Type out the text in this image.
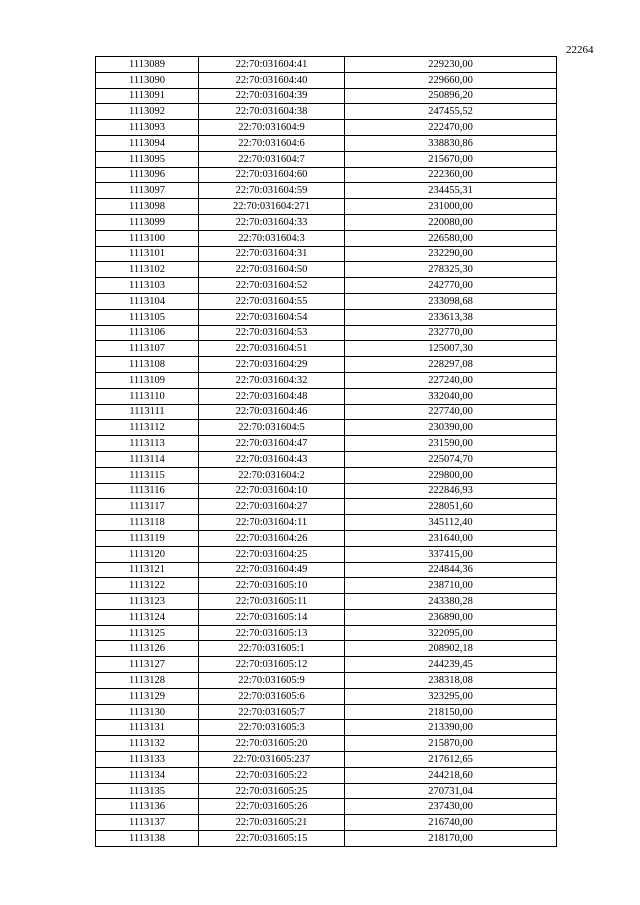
22264
1113089	22:70:031604:41	229230,00
1113090	22:70:031604:40	229660,00
1113091	22:70:031604:39	250896,20
1113092	22:70:031604:38	247455,52
1113093	22:70:031604:9	222470,00
1113094	22:70:031604:6	338830,86
1113095	22:70:031604:7	215670,00
1113096	22:70:031604:60	222360,00
1113097	22:70:031604:59	234455,31
1113098	22:70:031604:271	231000,00
1113099	22:70:031604:33	220080,00
1113100	22:70:031604:3	226580,00
1113101	22:70:031604:31	232290,00
1113102	22:70:031604:50	278325,30
1113103	22:70:031604:52	242770,00
1113104	22:70:031604:55	233098,68
1113105	22:70:031604:54	233613,38
1113106	22:70:031604:53	232770,00
1113107	22:70:031604:51	125007,30
1113108	22:70:031604:29	228297,08
1113109	22:70:031604:32	227240,00
1113110	22:70:031604:48	332040,00
1113111	22:70:031604:46	227740,00
1113112	22:70:031604:5	230390,00
1113113	22:70:031604:47	231590,00
1113114	22:70:031604:43	225074,70
1113115	22:70:031604:2	229800,00
1113116	22:70:031604:10	222846,93
1113117	22:70:031604:27	228051,60
1113118	22:70:031604:11	345112,40
1113119	22:70:031604:26	231640,00
1113120	22:70:031604:25	337415,00
1113121	22:70:031604:49	224844,36
1113122	22:70:031605:10	238710,00
1113123	22:70:031605:11	243380,28
1113124	22:70:031605:14	236890,00
1113125	22:70:031605:13	322095,00
1113126	22:70:031605:1	208902,18
1113127	22:70:031605:12	244239,45
1113128	22:70:031605:9	238318,08
1113129	22:70:031605:6	323295,00
1113130	22:70:031605:7	218150,00
1113131	22:70:031605:3	213390,00
1113132	22:70:031605:20	215870,00
1113133	22:70:031605:237	217612,65
1113134	22:70:031605:22	244218,60
1113135	22:70:031605:25	270731,04
1113136	22:70:031605:26	237430,00
1113137	22:70:031605:21	216740,00
1113138	22:70:031605:15	218170,00
